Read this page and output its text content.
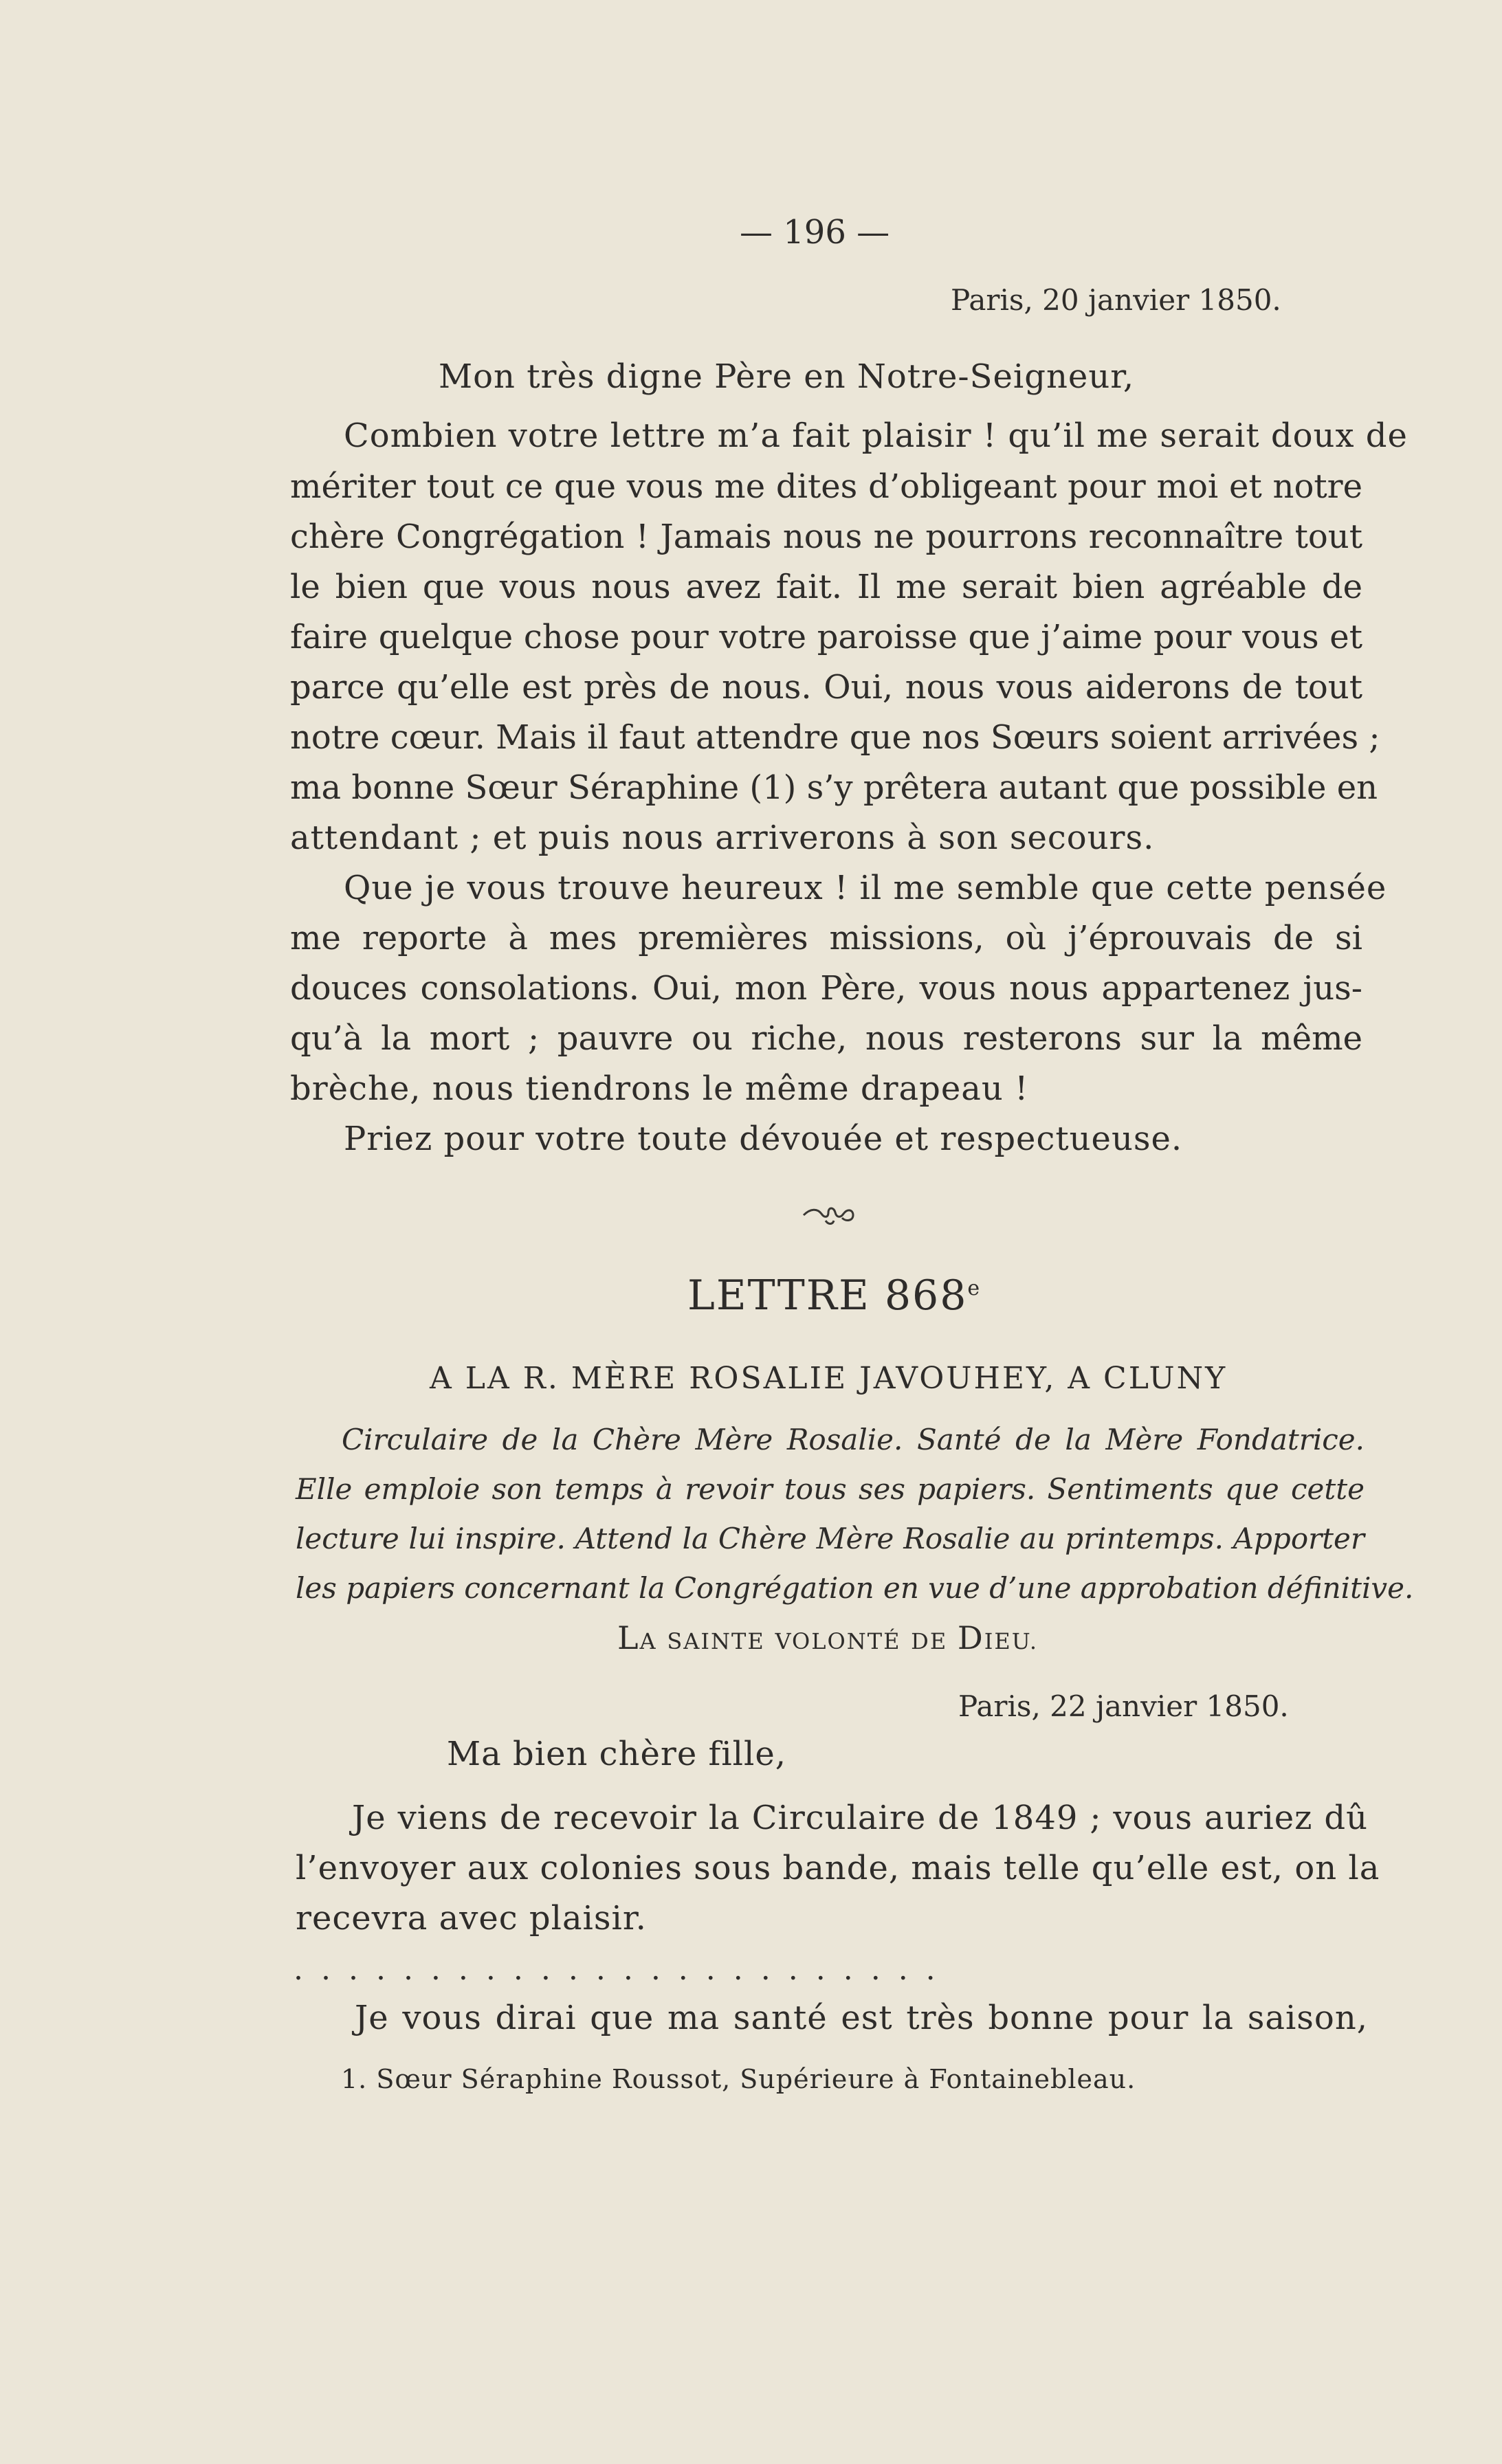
— 196 —
Paris, 20 janvier 1850.
Mon très digne Père en Notre-Seigneur,
Combien votre lettre m’a fait plaisir ! qu’il me serait doux de
mériter tout ce que vous me dites d’obligeant pour moi et notre
chère Congrégation ! Jamais nous ne pourrons reconnaître tout
le bien que vous nous avez fait. Il me serait bien agréable de
faire quelque chose pour votre paroisse que j’aime pour vous et
parce qu’elle est près de nous. Oui, nous vous aiderons de tout
notre cœur. Mais il faut attendre que nos Sœurs soient arrivées ;
ma bonne Sœur Séraphine (1) s’y prêtera autant que possible en
attendant ; et puis nous arriverons à son secours.
Que je vous trouve heureux ! il me semble que cette pensée
me reporte à mes premières missions, où j’éprouvais de si
douces consolations. Oui, mon Père, vous nous appartenez jus-
qu’à la mort ; pauvre ou riche, nous resterons sur la même
brèche, nous tiendrons le même drapeau !
Priez pour votre toute dévouée et respectueuse.
LETTRE 868e
A LA R. MÈRE ROSALIE JAVOUHEY, A CLUNY
Circulaire de la Chère Mère Rosalie. Santé de la Mère Fondatrice.
Elle emploie son temps à revoir tous ses papiers. Sentiments que cette
lecture lui inspire. Attend la Chère Mère Rosalie au printemps. Apporter
les papiers concernant la Congrégation en vue d’une approbation définitive.
LA SAINTE VOLONTÉ DE DIEU.
Paris, 22 janvier 1850.
Ma bien chère fille,
Je viens de recevoir la Circulaire de 1849 ; vous auriez dû
l’envoyer aux colonies sous bande, mais telle qu’elle est, on la
recevra avec plaisir.
........................
Je vous dirai que ma santé est très bonne pour la saison,
1. Sœur Séraphine Roussot, Supérieure à Fontainebleau.
